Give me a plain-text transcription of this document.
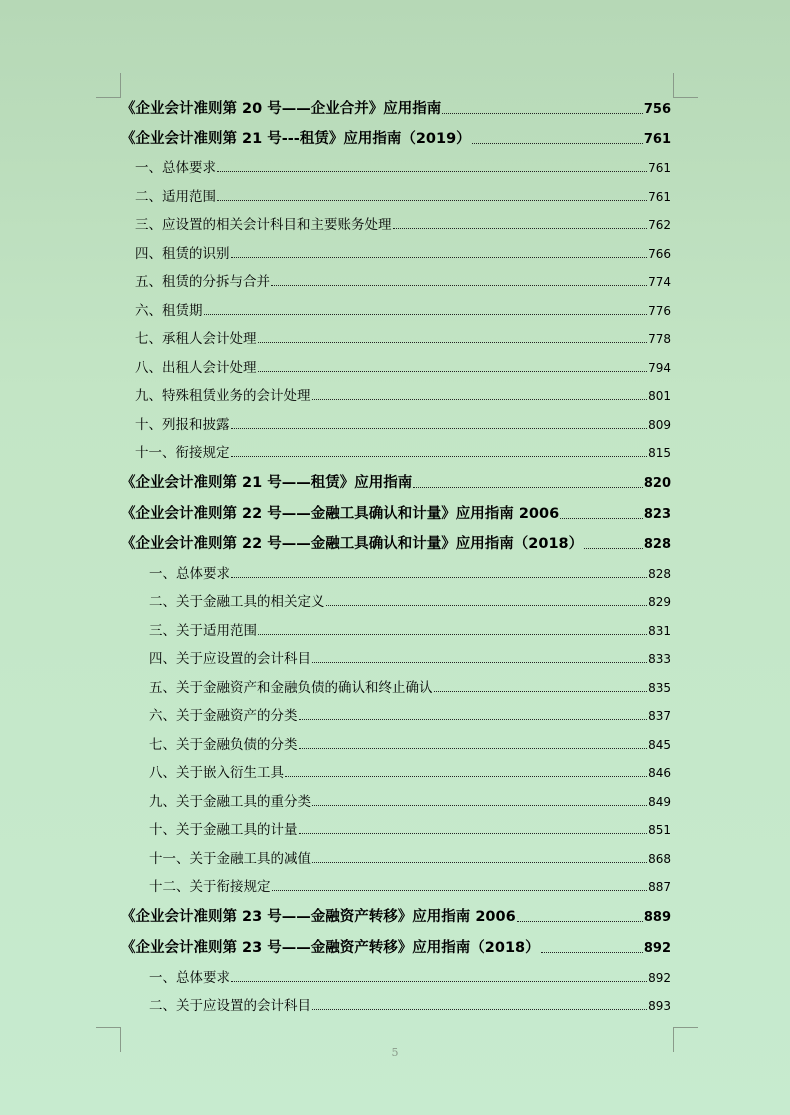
《企业会计准则第 20 号——企业合并》应用指南	756
《企业会计准则第 21 号---租赁》应用指南（2019）	761
一、总体要求	761
二、适用范围	761
三、应设置的相关会计科目和主要账务处理	762
四、租赁的识别	766
五、租赁的分拆与合并	774
六、租赁期	776
七、承租人会计处理	778
八、出租人会计处理	794
九、特殊租赁业务的会计处理	801
十、列报和披露	809
十一、衔接规定	815
《企业会计准则第 21 号——租赁》应用指南	820
《企业会计准则第 22 号——金融工具确认和计量》应用指南 2006	823
《企业会计准则第 22 号——金融工具确认和计量》应用指南（2018）	828
一、总体要求	828
二、关于金融工具的相关定义	829
三、关于适用范围	831
四、关于应设置的会计科目	833
五、关于金融资产和金融负债的确认和终止确认	835
六、关于金融资产的分类	837
七、关于金融负债的分类	845
八、关于嵌入衍生工具	846
九、关于金融工具的重分类	849
十、关于金融工具的计量	851
十一、关于金融工具的减值	868
十二、关于衔接规定	887
《企业会计准则第 23 号——金融资产转移》应用指南 2006	889
《企业会计准则第 23 号——金融资产转移》应用指南（2018）	892
一、总体要求	892
二、关于应设置的会计科目	893
5
